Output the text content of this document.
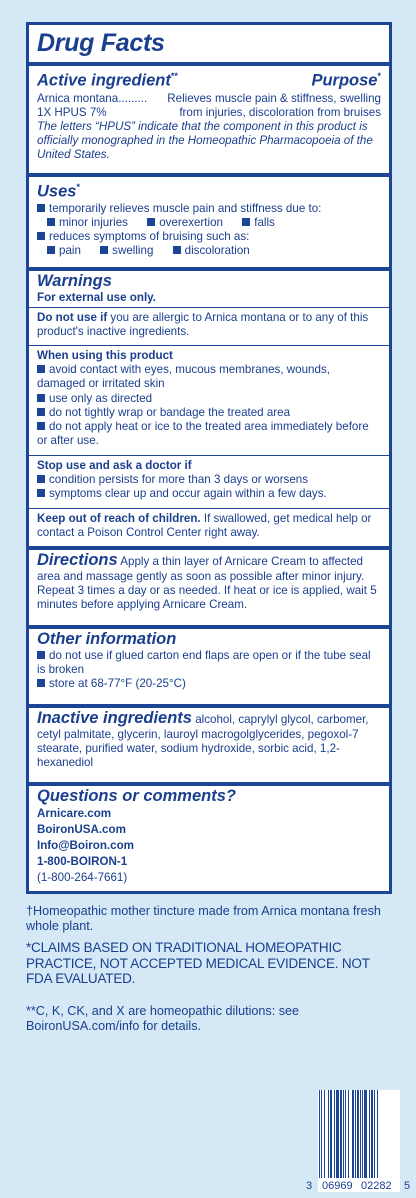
Drug Facts
Active ingredient**	Purpose*
Arnica montana......... Relieves muscle pain & stiffness, swelling
1X HPUS 7%	from injuries, discoloration from bruises
The letters “HPUS” indicate that the component in this product is officially monographed in the Homeopathic Pharmacopoeia of the United States.
Uses*
temporarily relieves muscle pain and stiffness due to:
minor injuries	overexertion	falls
reduces symptoms of bruising such as:
pain	swelling	discoloration
Warnings
For external use only.
Do not use if you are allergic to Arnica montana or to any of this product's inactive ingredients.
When using this product
avoid contact with eyes, mucous membranes, wounds, damaged or irritated skin
use only as directed
do not tightly wrap or bandage the treated area
do not apply heat or ice to the treated area immediately before or after use.
Stop use and ask a doctor if
condition persists for more than 3 days or worsens
symptoms clear up and occur again within a few days.
Keep out of reach of children. If swallowed, get medical help or contact a Poison Control Center right away.
Directions Apply a thin layer of Arnicare Cream to affected area and massage gently as soon as possible after minor injury. Repeat 3 times a day or as needed. If heat or ice is applied, wait 5 minutes before applying Arnicare Cream.
Other information
do not use if glued carton end flaps are open or if the tube seal is broken
store at 68-77°F (20-25°C)
Inactive ingredients alcohol, caprylyl glycol, carbomer, cetyl palmitate, glycerin, lauroyl macrogolglycerides, pegoxol-7 stearate, purified water, sodium hydroxide, sorbic acid, 1,2-hexanediol
Questions or comments?
Arnicare.com
BoironUSA.com
Info@Boiron.com
1-800-BOIRON-1
(1-800-264-7661)
†Homeopathic mother tincture made from Arnica montana fresh whole plant.
*CLAIMS BASED ON TRADITIONAL HOMEOPATHIC PRACTICE, NOT ACCEPTED MEDICAL EVIDENCE. NOT FDA EVALUATED.
**C, K, CK, and X are homeopathic dilutions: see BoironUSA.com/info for details.
3 06969 02282 5
